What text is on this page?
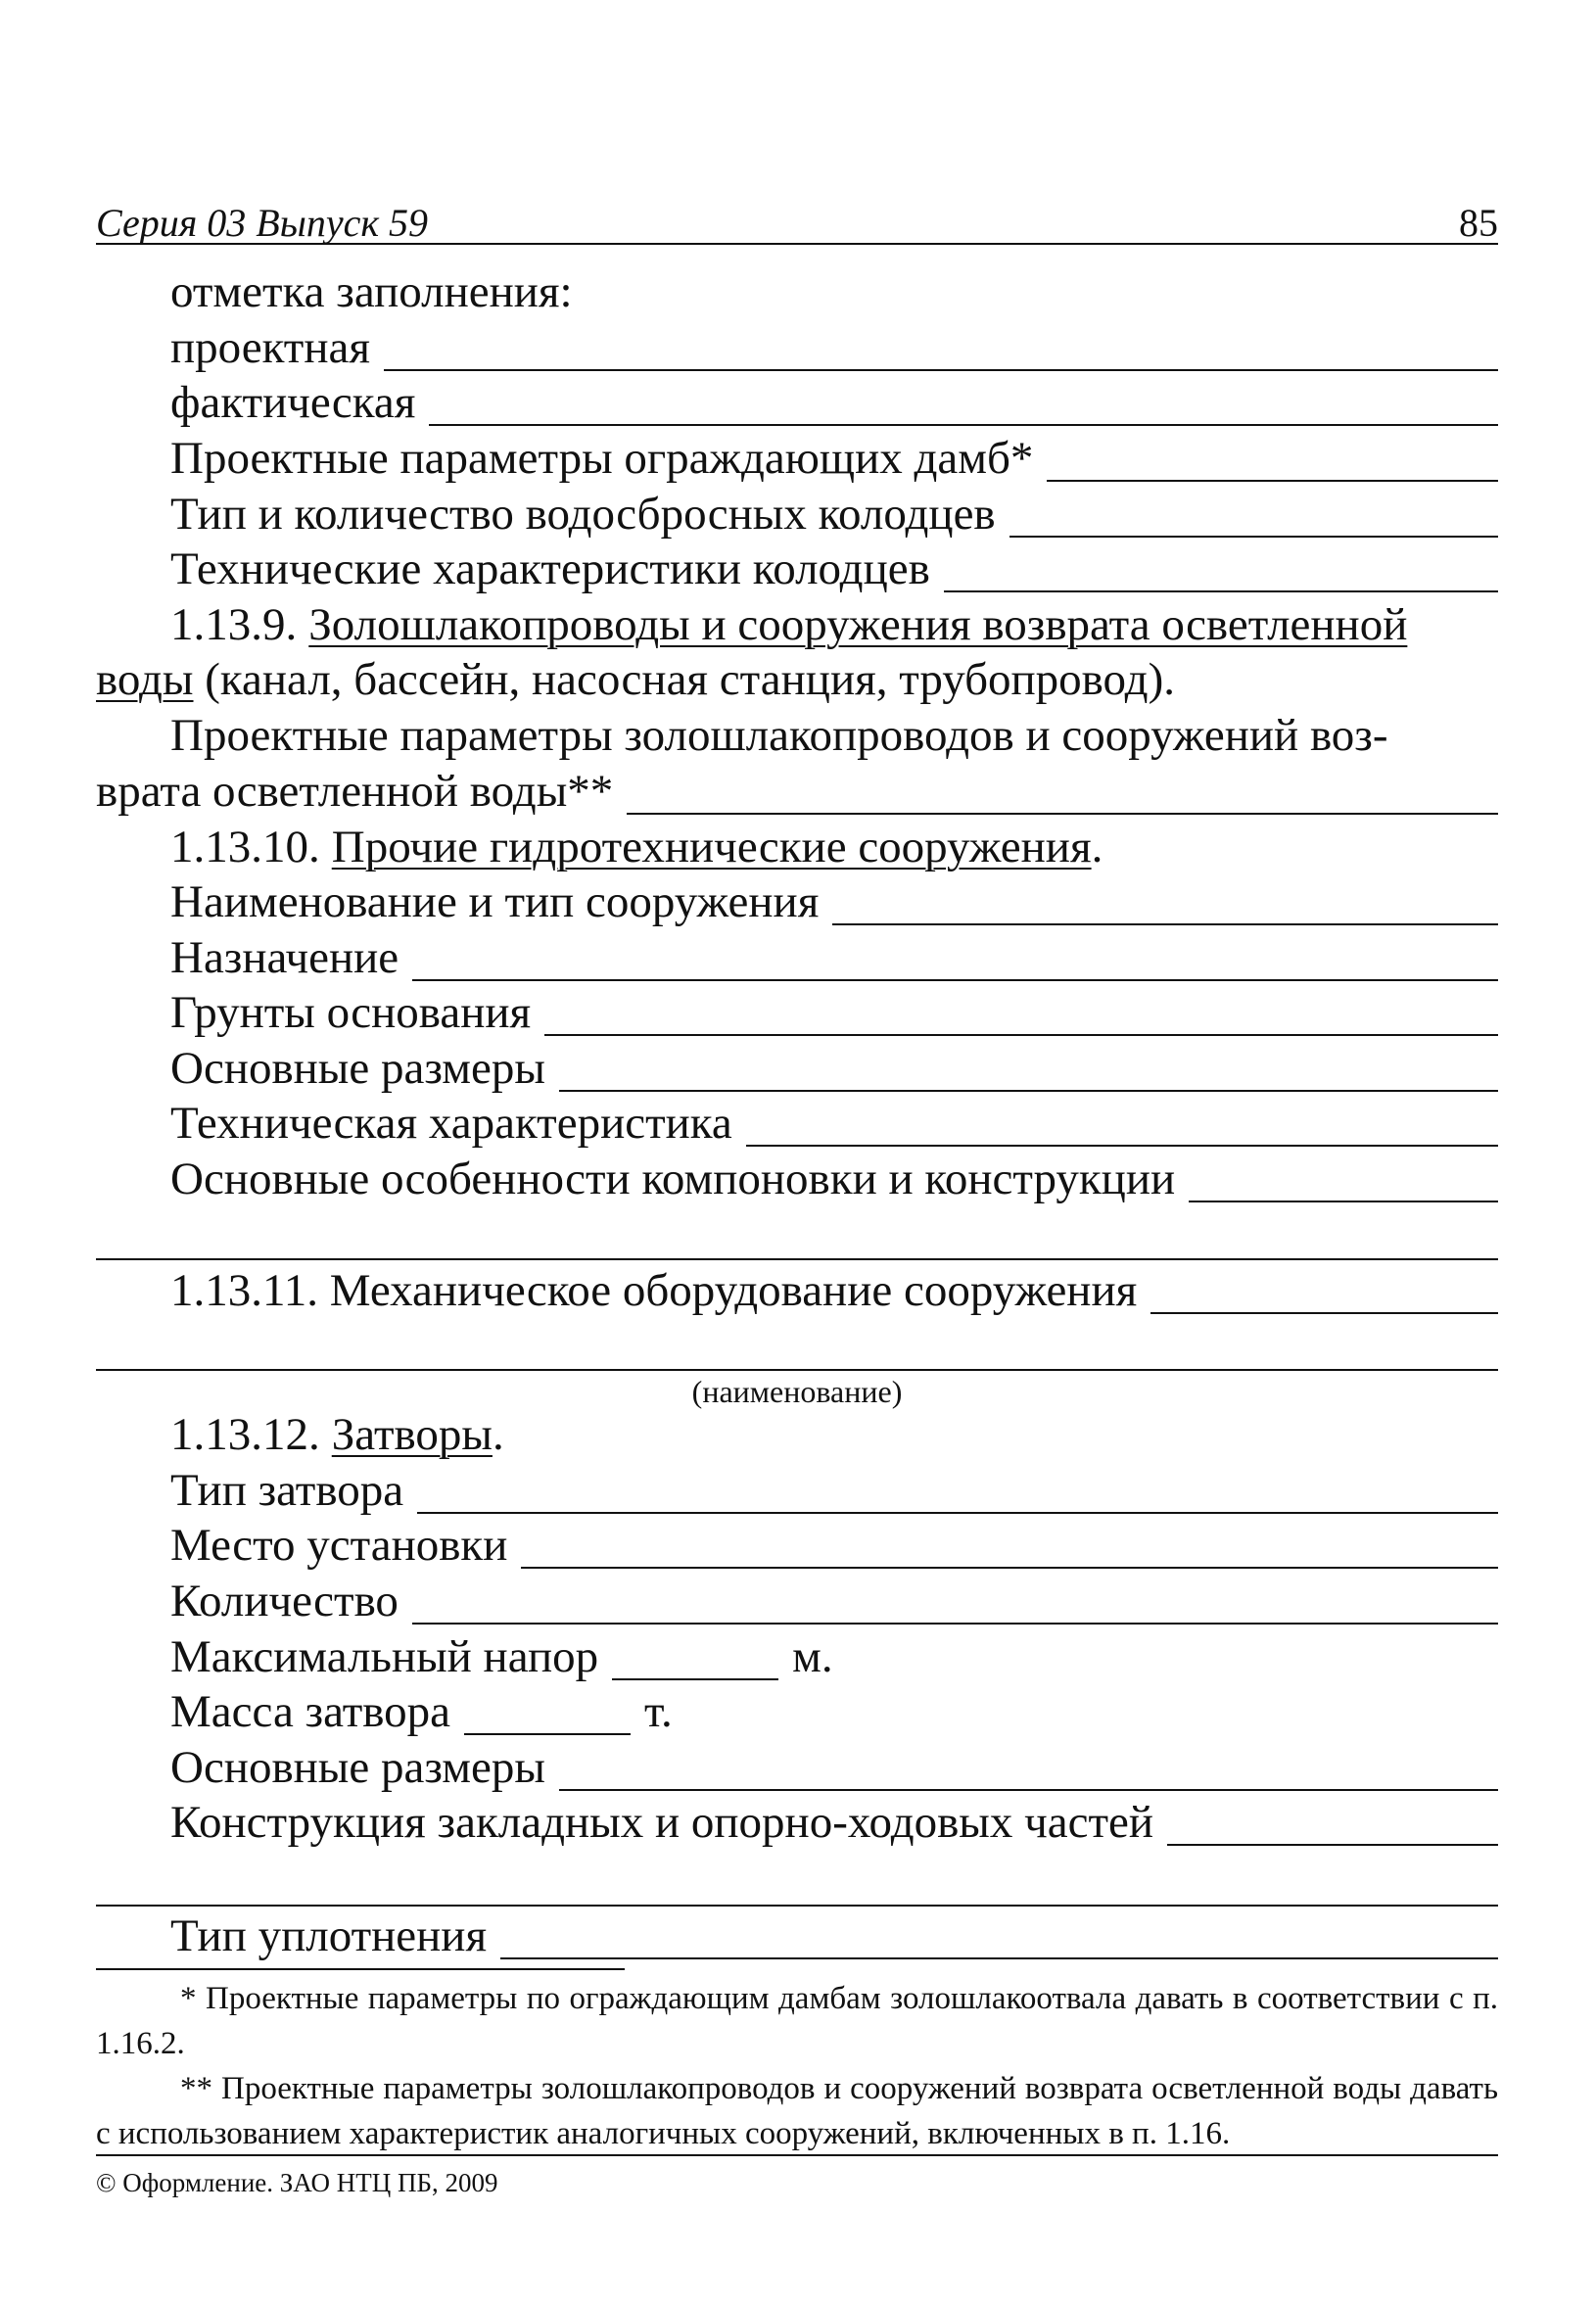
Серия 03 Выпуск 59	85
отметка заполнения:
проектная
фактическая
Проектные параметры ограждающих дамб*
Тип и количество водосбросных колодцев
Технические характеристики колодцев
1.13.9. Золошлакопроводы и сооружения возврата осветленной
воды (канал, бассейн, насосная станция, трубопровод).
Проектные параметры золошлакопроводов и сооружений воз-
врата осветленной воды**
1.13.10. Прочие гидротехнические сооружения .
Наименование и тип сооружения
Назначение
Грунты основания
Основные размеры
Техническая характеристика
Основные особенности компоновки и конструкции
1.13.11. Механическое оборудование сооружения
(наименование)
1.13.12. Затворы .
Тип затвора
Место установки
Количество
Максимальный напор	м.
Масса затвора	т.
Основные размеры
Конструкция закладных и опорно-ходовых частей
Тип уплотнения

* Проектные параметры по ограждающим дамбам золошлакоотвала давать в соответствии с п. 1.16.2.

** Проектные параметры золошлакопроводов и сооружений возврата осветленной воды давать с использованием характеристик аналогичных сооружений, включенных в п. 1.16.

© Оформление. ЗАО НТЦ ПБ, 2009
